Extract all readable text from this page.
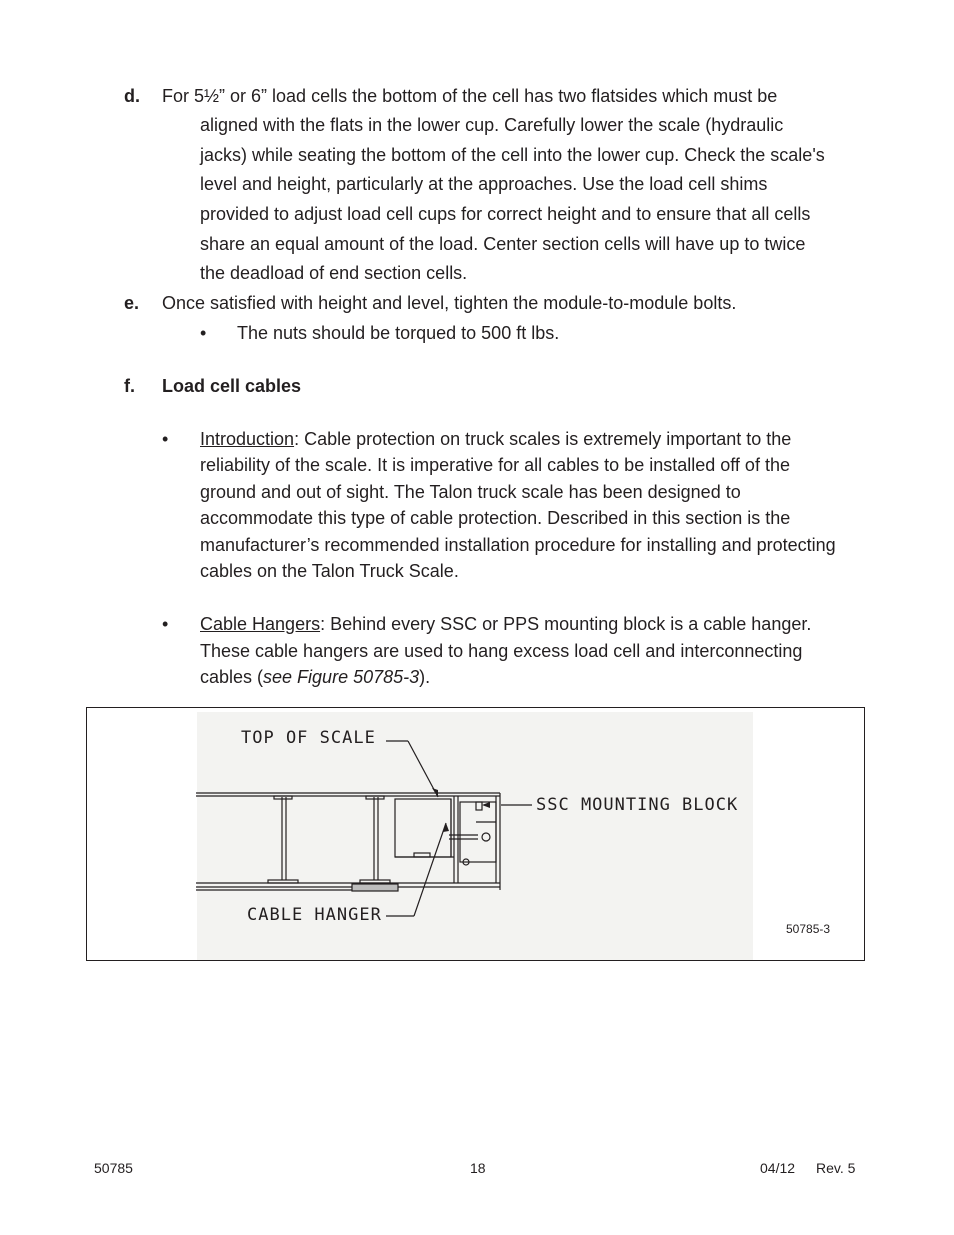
d. For 5½” or 6” load cells the bottom of the cell has two flatsides which must be
aligned with the flats in the lower cup. Carefully lower the scale (hydraulic
jacks) while seating the bottom of the cell into the lower cup. Check the scale's
level and height, particularly at the approaches. Use the load cell shims
provided to adjust load cell cups for correct height and to ensure that all cells
share an equal amount of the load. Center section cells will have up to twice
the deadload of end section cells.
e. Once satisfied with height and level, tighten the module-to-module bolts.
• The nuts should be torqued to 500 ft lbs.
f. Load cell cables
• Introduction: Cable protection on truck scales is extremely important to the
reliability of the scale. It is imperative for all cables to be installed off of the
ground and out of sight. The Talon truck scale has been designed to
accommodate this type of cable protection. Described in this section is the
manufacturer’s recommended installation procedure for installing and protecting
cables on the Talon Truck Scale.
• Cable Hangers: Behind every SSC or PPS mounting block is a cable hanger.
These cable hangers are used to hang excess load cell and interconnecting
cables (see Figure 50785-3).
TOP OF SCALE
SSC MOUNTING BLOCK
CABLE HANGER
50785-3
50785	18	04/12 Rev. 5
